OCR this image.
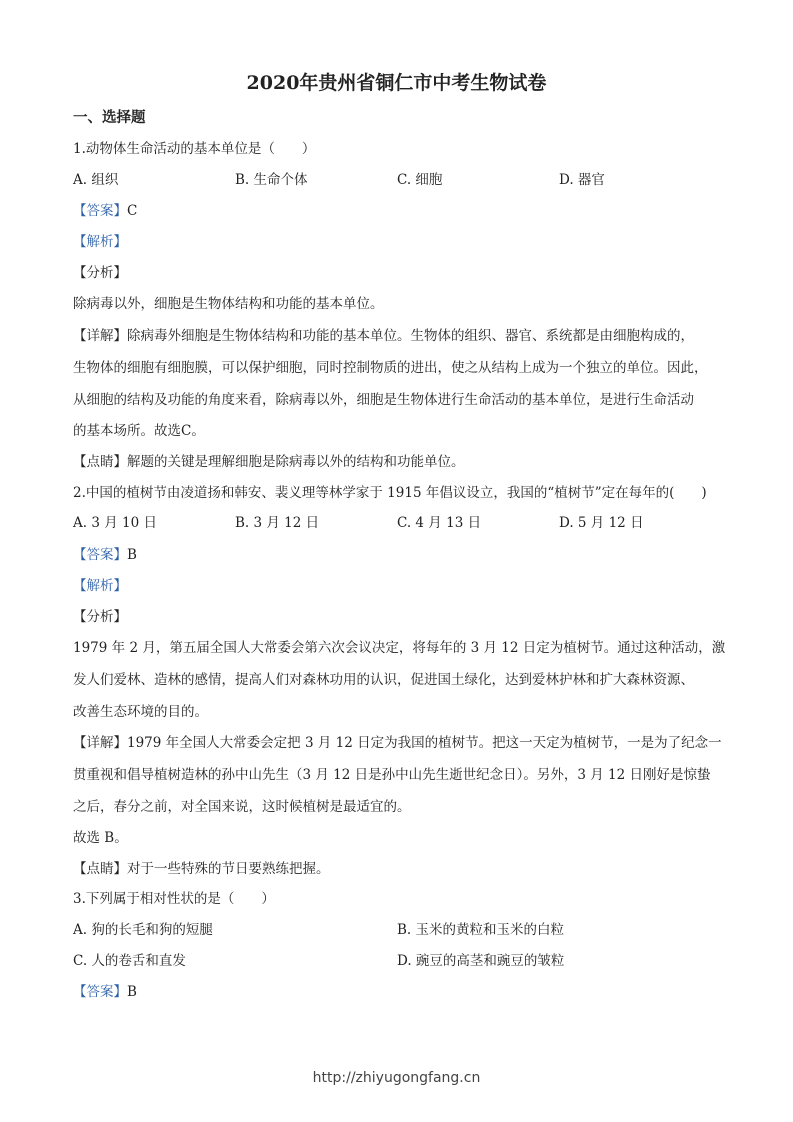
2020年贵州省铜仁市中考生物试卷
一、选择题
1.动物体生命活动的基本单位是（　　）
A. 组织	B. 生命个体	C. 细胞	D. 器官
【答案】C
【解析】
【分析】
除病毒以外，细胞是生物体结构和功能的基本单位。
【详解】除病毒外细胞是生物体结构和功能的基本单位。生物体的组织、器官、系统都是由细胞构成的，
生物体的细胞有细胞膜，可以保护细胞，同时控制物质的进出，使之从结构上成为一个独立的单位。因此，
从细胞的结构及功能的角度来看，除病毒以外，细胞是生物体进行生命活动的基本单位，是进行生命活动
的基本场所。故选C。
【点睛】解题的关键是理解细胞是除病毒以外的结构和功能单位。
2.中国的植树节由凌道扬和韩安、裴义理等林学家于 1915 年倡议设立，我国的“植树节”定在每年的(　　)
A. 3 月 10 日	B. 3 月 12 日	C. 4 月 13 日	D. 5 月 12 日
【答案】B
【解析】
【分析】
1979 年 2 月，第五届全国人大常委会第六次会议决定，将每年的 3 月 12 日定为植树节。通过这种活动，激
发人们爱林、造林的感情，提高人们对森林功用的认识，促进国土绿化，达到爱林护林和扩大森林资源、
改善生态环境的目的。
【详解】1979 年全国人大常委会定把 3 月 12 日定为我国的植树节。把这一天定为植树节，一是为了纪念一
贯重视和倡导植树造林的孙中山先生（3 月 12 日是孙中山先生逝世纪念日）。另外，3 月 12 日刚好是惊蛰
之后，春分之前，对全国来说，这时候植树是最适宜的。
故选 B。
【点睛】对于一些特殊的节日要熟练把握。
3.下列属于相对性状的是（　　）
A. 狗的长毛和狗的短腿	B. 玉米的黄粒和玉米的白粒
C. 人的卷舌和直发	D. 豌豆的高茎和豌豆的皱粒
【答案】B
http://zhiyugongfang.cn
